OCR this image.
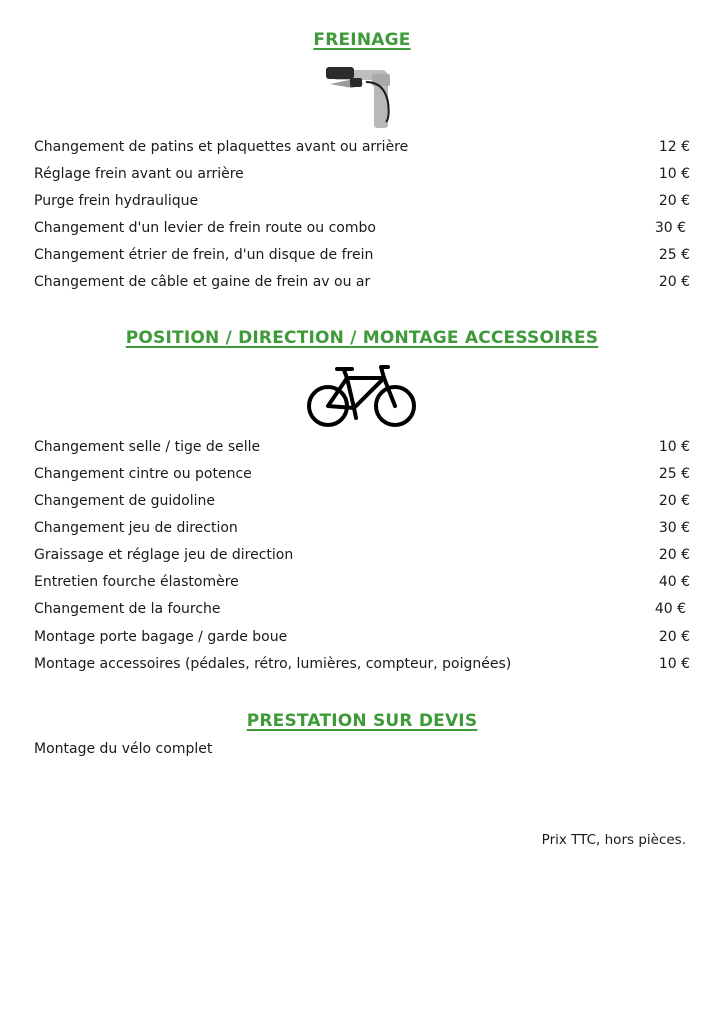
FREINAGE
Changement de patins et plaquettes avant ou arrière	12 €
Réglage frein avant ou arrière	10 €
Purge frein hydraulique	20 €
Changement d'un levier de frein route ou combo	30 €
Changement étrier de frein, d'un disque de frein	25 €
Changement de câble et gaine de frein av ou ar	20 €
POSITION / DIRECTION / MONTAGE ACCESSOIRES
Changement selle / tige de selle	10 €
Changement cintre ou potence	25 €
Changement de guidoline	20 €
Changement jeu de direction	30 €
Graissage et réglage jeu de direction	20 €
Entretien fourche élastomère	40 €
Changement de la fourche	40 €
Montage porte bagage / garde boue	20 €
Montage accessoires (pédales, rétro, lumières, compteur, poignées)	10 €
PRESTATION SUR DEVIS
Montage du vélo complet
Prix TTC, hors pièces.
